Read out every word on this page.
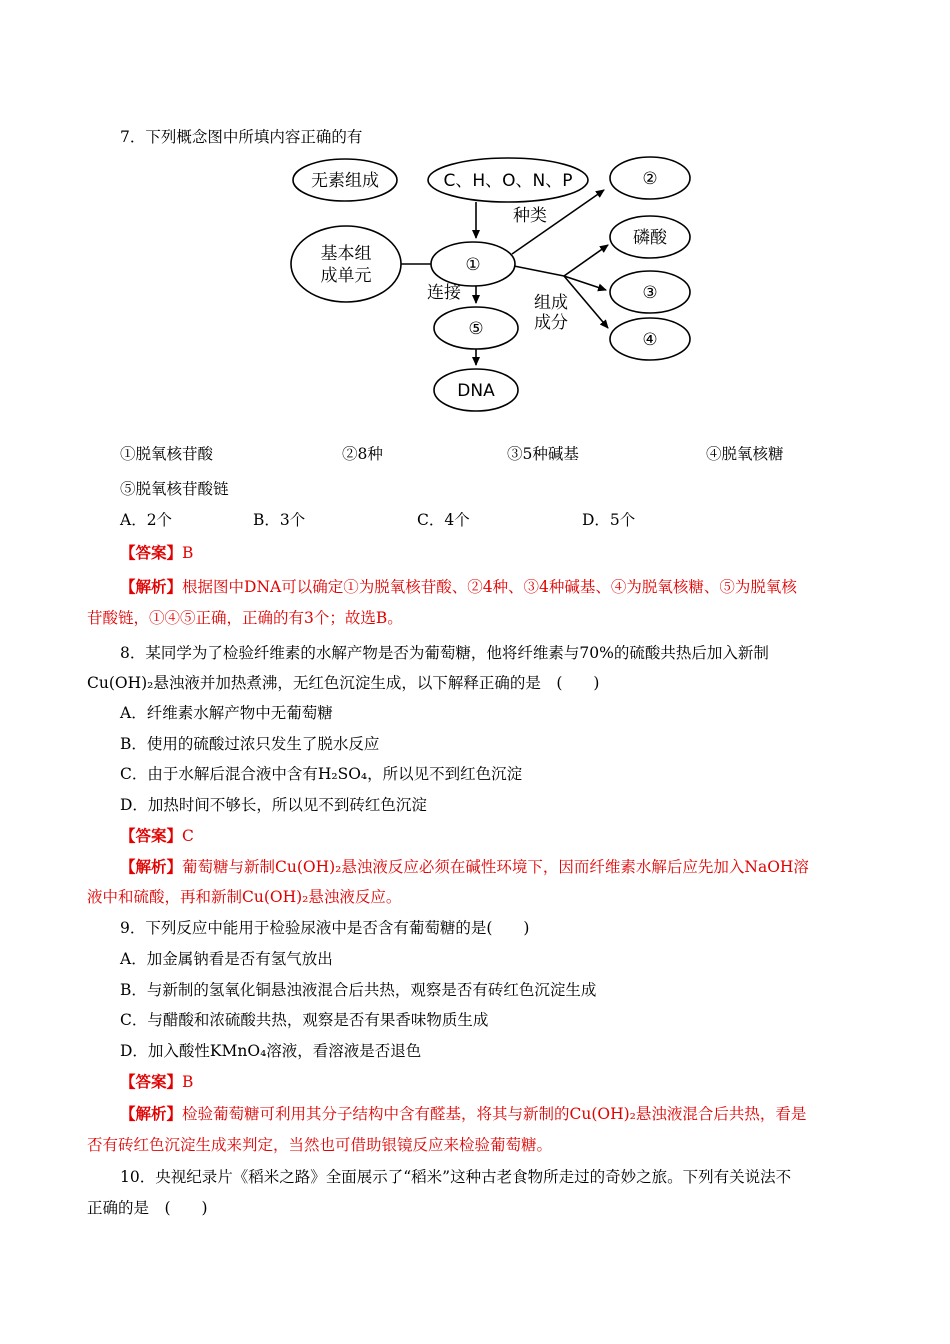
7．下列概念图中所填内容正确的有
无素组成	C、H、O、N、P
基本组
成单元
①
⑤
DNA
②
磷酸
③
④
种类
连接	组成
成分
①脱氧核苷酸	②8种	③5种碱基	④脱氧核糖
⑤脱氧核苷酸链
A．2个	B．3个	C．4个	D．5个
【答案】B
【解析】根据图中DNA可以确定①为脱氧核苷酸、②4种、③4种碱基、④为脱氧核糖、⑤为脱氧核
苷酸链，①④⑤正确，正确的有3个；故选B。
8．某同学为了检验纤维素的水解产物是否为葡萄糖，他将纤维素与70%的硫酸共热后加入新制
Cu(OH)₂悬浊液并加热煮沸，无红色沉淀生成，以下解释正确的是　(　　)
A．纤维素水解产物中无葡萄糖
B．使用的硫酸过浓只发生了脱水反应
C．由于水解后混合液中含有H₂SO₄，所以见不到红色沉淀
D．加热时间不够长，所以见不到砖红色沉淀
【答案】C
【解析】葡萄糖与新制Cu(OH)₂悬浊液反应必须在碱性环境下，因而纤维素水解后应先加入NaOH溶
液中和硫酸，再和新制Cu(OH)₂悬浊液反应。
9．下列反应中能用于检验尿液中是否含有葡萄糖的是(　　)
A．加金属钠看是否有氢气放出
B．与新制的氢氧化铜悬浊液混合后共热，观察是否有砖红色沉淀生成
C．与醋酸和浓硫酸共热，观察是否有果香味物质生成
D．加入酸性KMnO₄溶液，看溶液是否退色
【答案】B
【解析】检验葡萄糖可利用其分子结构中含有醛基，将其与新制的Cu(OH)₂悬浊液混合后共热，看是
否有砖红色沉淀生成来判定，当然也可借助银镜反应来检验葡萄糖。
10．央视纪录片《稻米之路》全面展示了“稻米”这种古老食物所走过的奇妙之旅。下列有关说法不
正确的是　(　　)
